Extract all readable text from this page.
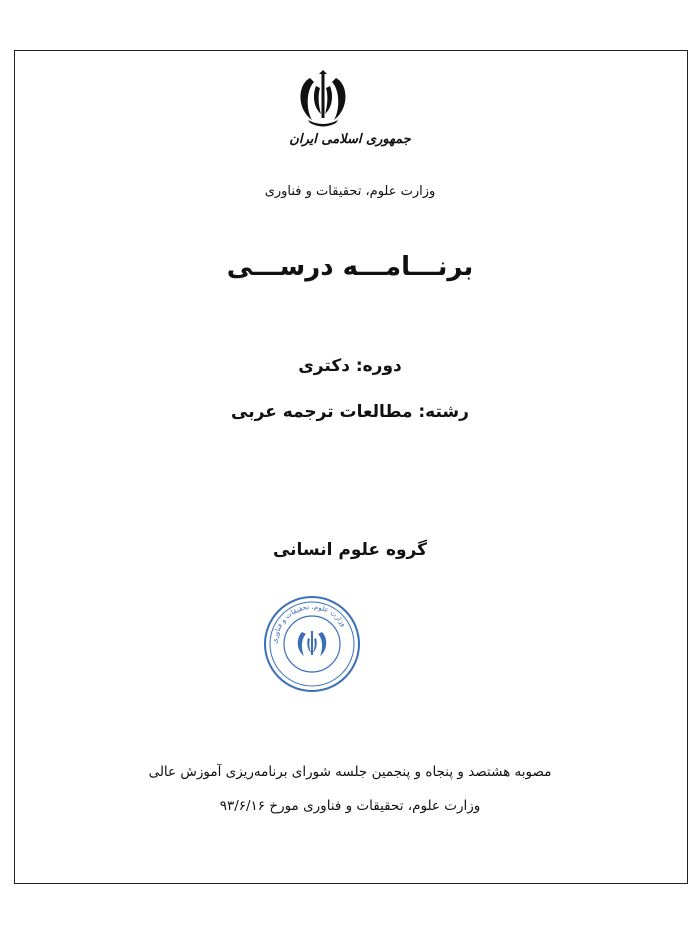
جمهوری اسلامی ایران
وزارت علوم، تحقیقات و فناوری
برنـــامـــه درســـی
دوره: دکتری
رشته: مطالعات ترجمه عربی
گروه علوم انسانی
وزارت علوم، تحقیقات و فناوری
مصوبه هشتصد و پنجاه و پنجمین جلسه شورای برنامه‌ریزی آموزش عالی
وزارت علوم، تحقیقات و فناوری مورخ ۹۳/۶/۱۶
